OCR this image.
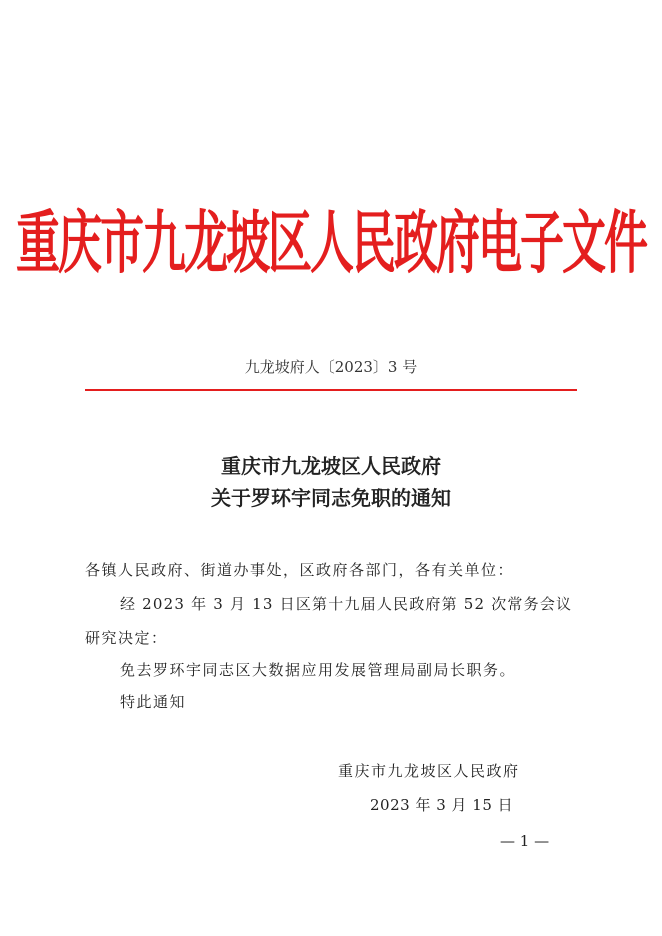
重庆市九龙坡区人民政府电子文件
九龙坡府人〔2023〕3 号
重庆市九龙坡区人民政府
关于罗环宇同志免职的通知
各镇人民政府、街道办事处，区政府各部门，各有关单位：
经 2023 年 3 月 13 日区第十九届人民政府第 52 次常务会议
研究决定：
免去罗环宇同志区大数据应用发展管理局副局长职务。
特此通知
重庆市九龙坡区人民政府
2023 年 3 月 15 日
— 1 —
